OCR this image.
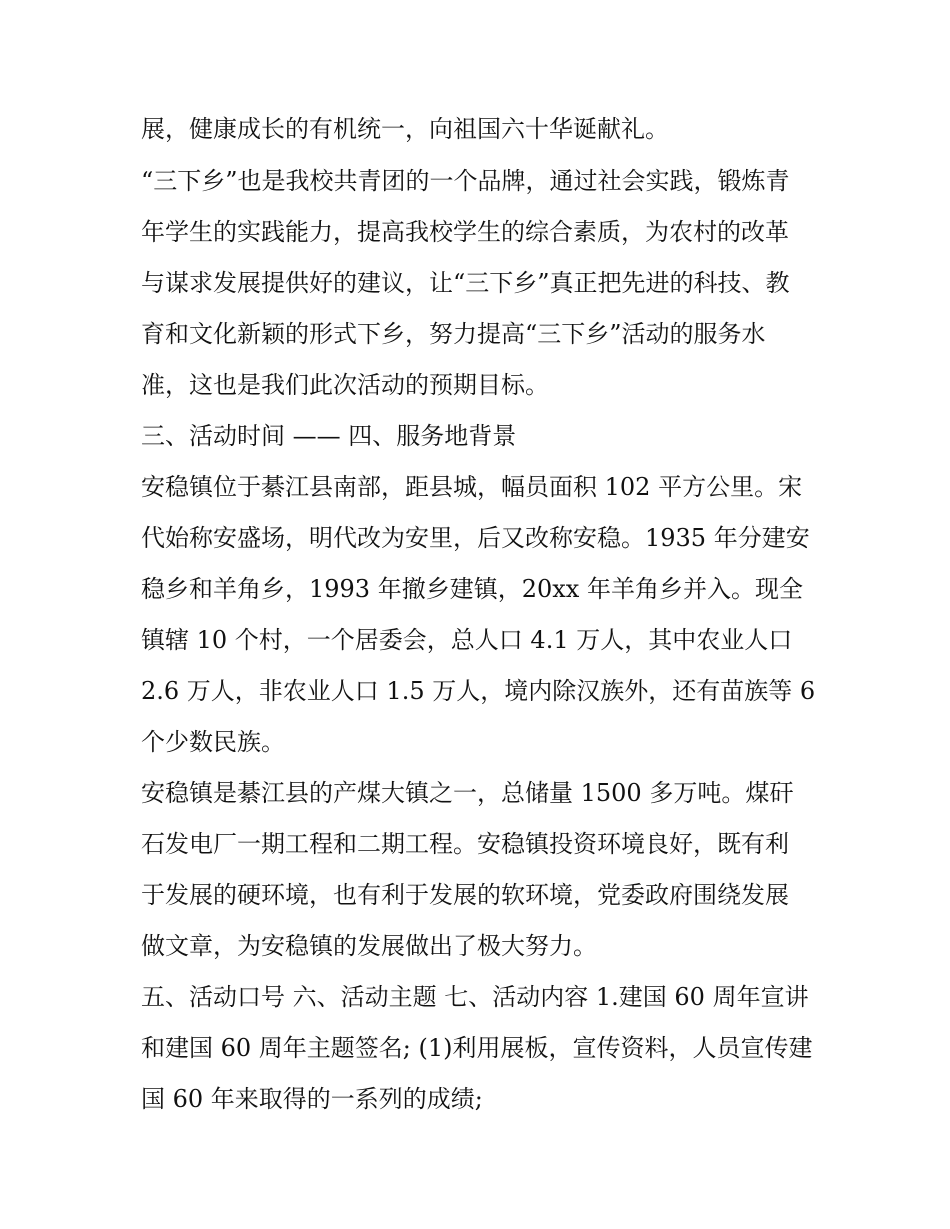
展，健康成长的有机统一，向祖国六十华诞献礼。
“三下乡”也是我校共青团的一个品牌，通过社会实践，锻炼青
年学生的实践能力，提高我校学生的综合素质，为农村的改革
与谋求发展提供好的建议，让“三下乡”真正把先进的科技、教
育和文化新颖的形式下乡，努力提高“三下乡”活动的服务水
准，这也是我们此次活动的预期目标。
三、活动时间 —— 四、服务地背景
安稳镇位于綦江县南部，距县城，幅员面积 102 平方公里。宋
代始称安盛场，明代改为安里，后又改称安稳。1935 年分建安
稳乡和羊角乡，1993 年撤乡建镇，20xx 年羊角乡并入。现全
镇辖 10 个村，一个居委会，总人口 4.1 万人，其中农业人口
2.6 万人，非农业人口 1.5 万人，境内除汉族外，还有苗族等 6
个少数民族。
安稳镇是綦江县的产煤大镇之一，总储量 1500 多万吨。煤矸
石发电厂一期工程和二期工程。安稳镇投资环境良好，既有利
于发展的硬环境，也有利于发展的软环境，党委政府围绕发展
做文章，为安稳镇的发展做出了极大努力。
五、活动口号 六、活动主题 七、活动内容 1.建国 60 周年宣讲
和建国 60 周年主题签名; (1)利用展板，宣传资料，人员宣传建
国 60 年来取得的一系列的成绩;
